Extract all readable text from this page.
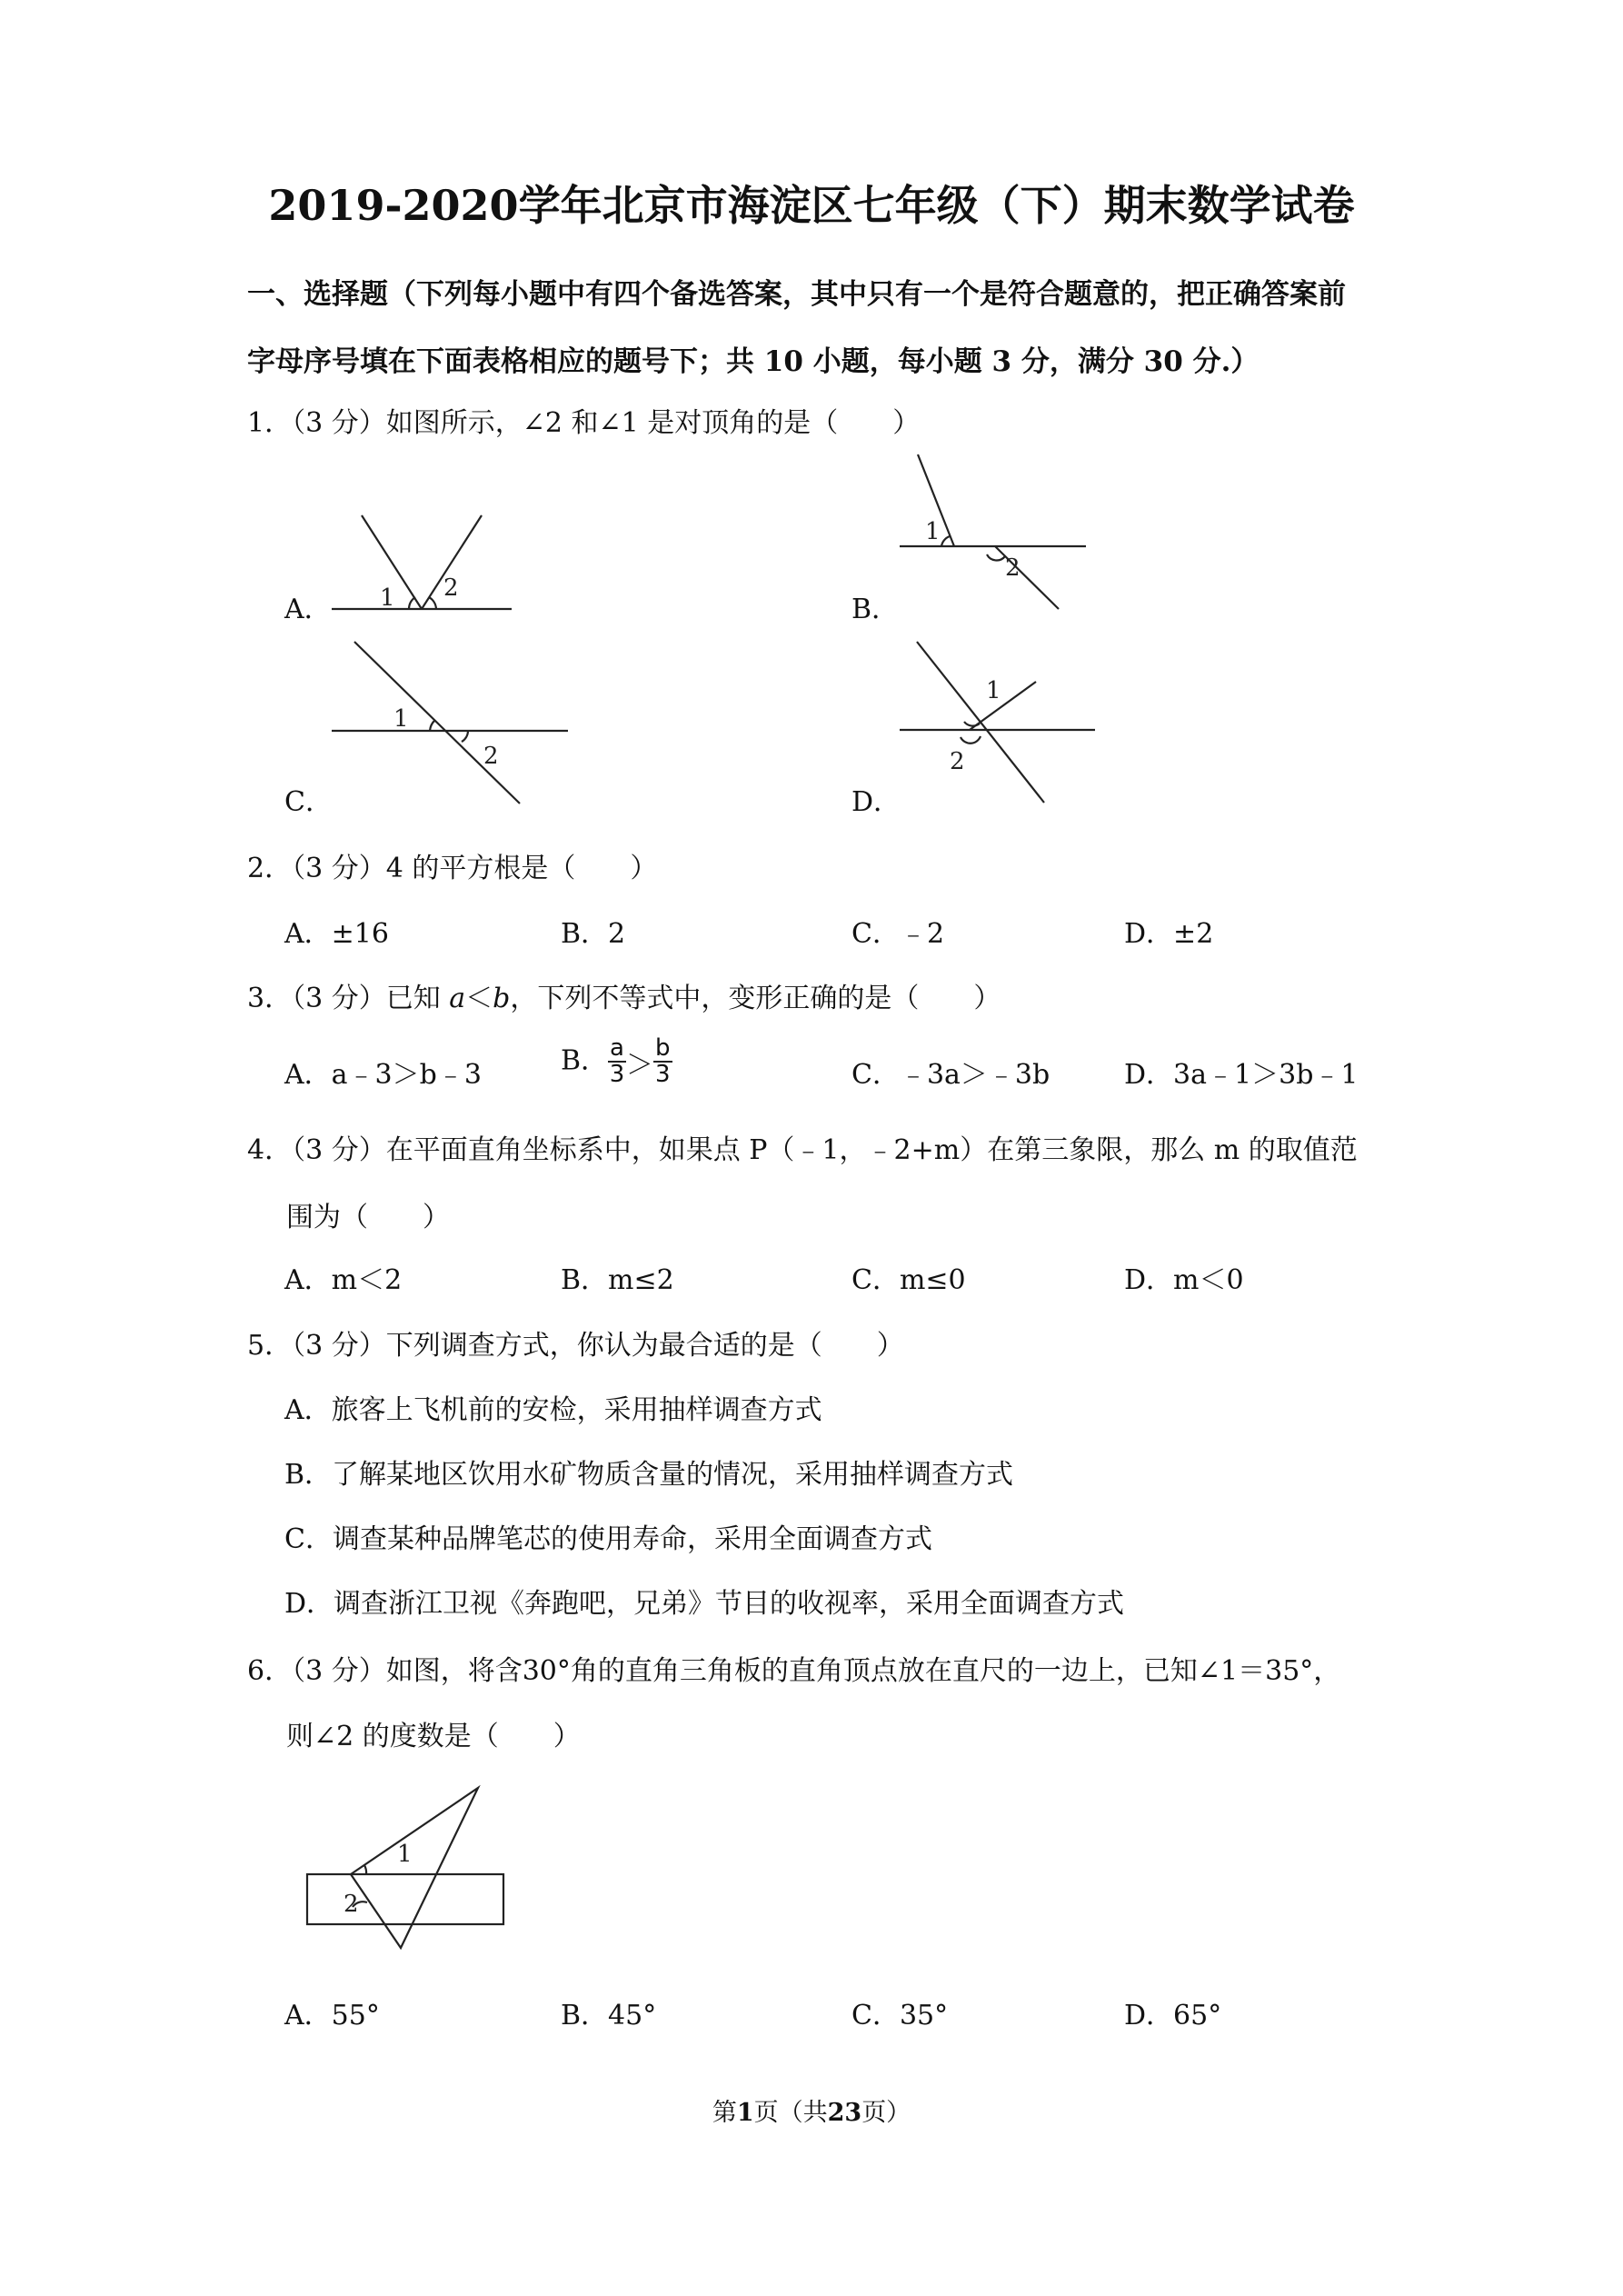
2019-2020学年北京市海淀区七年级（下）期末数学试卷
一、选择题（下列每小题中有四个备选答案，其中只有一个是符合题意的，把正确答案前
字母序号填在下面表格相应的题号下；共 10 小题，每小题 3 分，满分 30 分.）
1．（3 分）如图所示，∠2 和∠1 是对顶角的是（　　）
A． 1 2
B．
1
2
C．
1
2
D．
1
2
2．（3 分）4 的平方根是（　　）
A．±16	B．2	C．﹣2	D．±2
3．（3 分）已知 a＜b，下列不等式中，变形正确的是（　　）
A．a﹣3＞b﹣3	B． $\frac{a}{3} > \frac{b}{3}$	C．﹣3a＞﹣3b	D．3a﹣1＞3b﹣1
4．（3 分）在平面直角坐标系中，如果点 P（﹣1，﹣2+m）在第三象限，那么 m 的取值范
围为（　　）
A．m＜2	B．m≤2	C．m≤0	D．m＜0
5．（3 分）下列调查方式，你认为最合适的是（　　）
A．旅客上飞机前的安检，采用抽样调查方式
B．了解某地区饮用水矿物质含量的情况，采用抽样调查方式
C．调查某种品牌笔芯的使用寿命，采用全面调查方式
D．调查浙江卫视《奔跑吧，兄弟》节目的收视率，采用全面调查方式
6．（3 分）如图，将含30°角的直角三角板的直角顶点放在直尺的一边上，已知∠1＝35°，
则∠2 的度数是（　　）
1
2
A．55°	B．45°	C．35°	D．65°
第1页（共23页）
